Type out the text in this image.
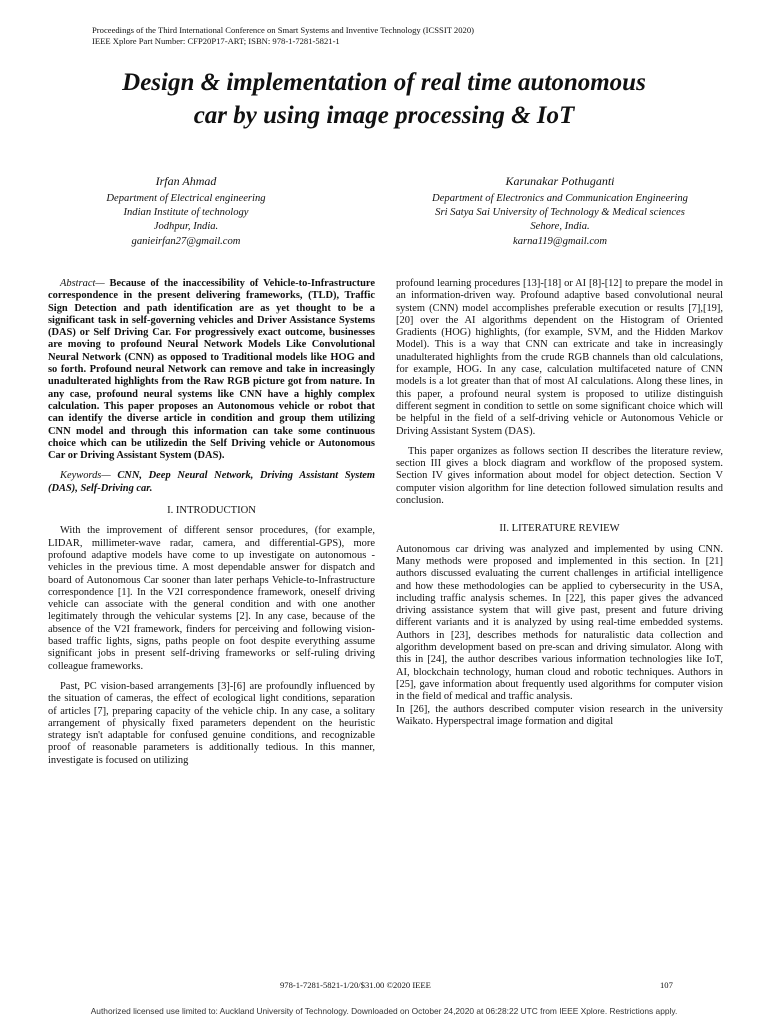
Proceedings of the Third International Conference on Smart Systems and Inventive Technology (ICSSIT 2020)
IEEE Xplore Part Number: CFP20P17-ART; ISBN: 978-1-7281-5821-1
Design & implementation of real time autonomous
car by using image processing & IoT
Irfan Ahmad
Department of Electrical engineering
Indian Institute of technology
Jodhpur, India.
ganieirfan27@gmail.com
Karunakar Pothuganti
Department of Electronics and Communication Engineering
Sri Satya Sai University of Technology & Medical sciences
Sehore, India.
karna119@gmail.com

Abstract— Because of the inaccessibility of Vehicle-to-Infrastructure correspondence in the present delivering frameworks, (TLD), Traffic Sign Detection and path identification are as yet thought to be a significant task in self-governing vehicles and Driver Assistance Systems (DAS) or Self Driving Car. For progressively exact outcome, businesses are moving to profound Neural Network Models Like Convolutional Neural Network (CNN) as opposed to Traditional models like HOG and so forth. Profound neural Network can remove and take in increasingly unadulterated highlights from the Raw RGB picture got from nature. In any case, profound neural systems like CNN have a highly complex calculation. This paper proposes an Autonomous vehicle or robot that can identify the diverse article in condition and group them utilizing CNN model and through this information can take some continuous choice which can be utilizedin the Self Driving vehicle or Autonomous Car or Driving Assistant System (DAS).

Keywords— CNN, Deep Neural Network, Driving Assistant System (DAS), Self-Driving car.

I. INTRODUCTION

With the improvement of different sensor procedures, (for example, LIDAR, millimeter-wave radar, camera, and differential-GPS), more profound adaptive models have come to up investigate on autonomous - vehicles in the previous time. A most dependable answer for dispatch and board of Autonomous Car sooner than later perhaps Vehicle-to-Infrastructure correspondence [1]. In the V2I correspondence framework, oneself driving vehicle can associate with the general condition and with one another legitimately through the vehicular systems [2]. In any case, because of the absence of the V2I framework, finders for perceiving and following vision-based traffic lights, signs, paths people on foot despite everything assume significant jobs in present self-driving frameworks or self-ruling driving colleague frameworks.

Past, PC vision-based arrangements [3]-[6] are profoundly influenced by the situation of cameras, the effect of ecological light conditions, separation of articles [7], preparing capacity of the vehicle chip. In any case, a solitary arrangement of physically fixed parameters dependent on the heuristic strategy isn't adaptable for confused genuine conditions, and recognizable proof of reasonable parameters is additionally tedious. In this manner, investigate is focused on utilizing

profound learning procedures [13]-[18] or AI [8]-[12] to prepare the model in an information-driven way. Profound adaptive based convolutional neural system (CNN) model accomplishes preferable execution or results [7],[19],[20] over the AI algorithms dependent on the Histogram of Oriented Gradients (HOG) highlights, (for example, SVM, and the Hidden Markov Model). This is a way that CNN can extricate and take in increasingly unadulterated highlights from the crude RGB channels than old calculations, for example, HOG. In any case, calculation multifaceted nature of CNN models is a lot greater than that of most AI calculations. Along these lines, in this paper, a profound neural system is proposed to utilize distinguish different segment in condition to settle on some significant choice which will be helpful in the field of a self-driving vehicle or Autonomous Vehicle or Driving Assistant System (DAS).

This paper organizes as follows section II describes the literature review, section III gives a block diagram and workflow of the proposed system. Section IV gives information about model for object detection. Section V computer vision algorithm for line detection followed simulation results and conclusion.

II. LITERATURE REVIEW

Autonomous car driving was analyzed and implemented by using CNN. Many methods were proposed and implemented in this section. In [21] authors discussed evaluating the current challenges in artificial intelligence and how these methodologies can be applied to cybersecurity in the USA, including traffic analysis schemes. In [22], this paper gives the advanced driving assistance system that will give past, present and future driving different variants and it is analyzed by using real-time embedded systems. Authors in [23], describes methods for naturalistic data collection and algorithm development based on pre-scan and driving simulator. Along with this in [24], the author describes various information technologies like IoT, AI, blockchain technology, human cloud and robotic techniques. Authors in [25], gave information about frequently used algorithms for computer vision in the field of medical and traffic analysis.

In [26], the authors described computer vision research in the university Waikato. Hyperspectral image formation and digital

978-1-7281-5821-1/20/$31.00 ©2020 IEEE	107
Authorized licensed use limited to: Auckland University of Technology. Downloaded on October 24,2020 at 06:28:22 UTC from IEEE Xplore. Restrictions apply.
